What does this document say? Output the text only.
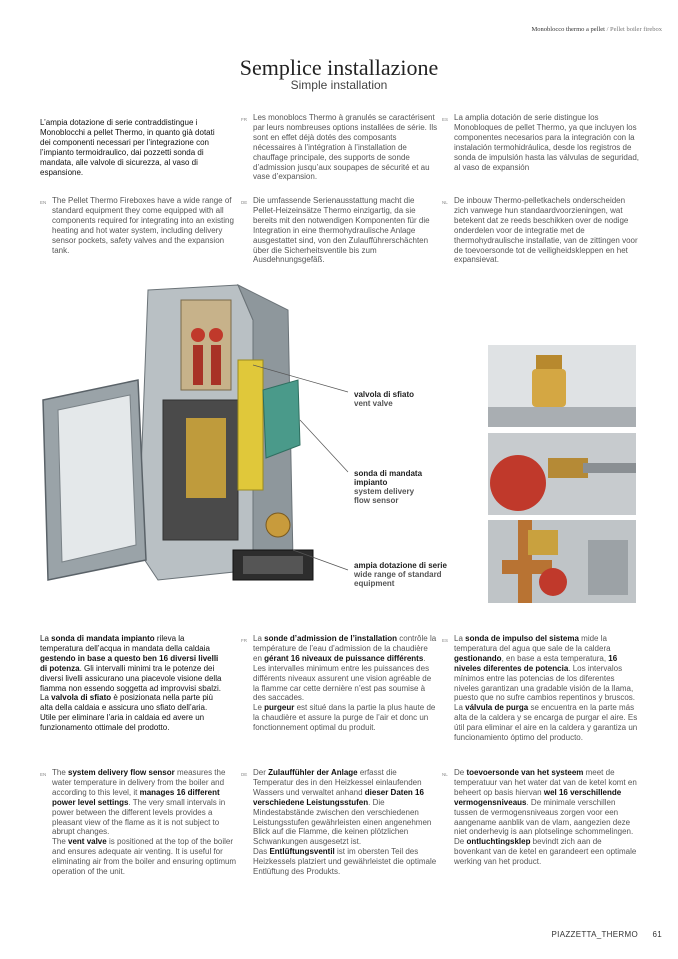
Monoblocco thermo a pellet / Pellet boiler firebox
Semplice installazione
Simple installation
L’ampia dotazione di serie contraddistingue i Monoblocchi a pellet Thermo, in quanto già dotati dei componenti necessari per l’integrazione con l’impianto termoidraulico, dai pozzetti sonda di mandata, alle valvole di sicurezza, al vaso di espansione.
FR Les monoblocs Thermo à granulés se caractérisent par leurs nombreuses options installées de série. Ils sont en effet déjà dotés des composants nécessaires à l’intégration à l’installation de chauffage principale, des supports de sonde d’admission jusqu’aux soupapes de sécurité et au vase d’expansion.
ES La amplia dotación de serie distingue los Monobloques de pellet Thermo, ya que incluyen los componentes necesarios para la integración con la instalación termohidráulica, desde los registros de sonda de impulsión hasta las válvulas de seguridad, al vaso de expansión
EN The Pellet Thermo Fireboxes have a wide range of standard equipment they come equipped with all components required for integrating into an existing heating and hot water system, including delivery sensor pockets, safety valves and the expansion tank.
DE Die umfassende Serienausstattung macht die Pellet-Heizeinsätze Thermo einzigartig, da sie bereits mit den notwendigen Komponenten für die Integration in eine thermohydraulische Anlage ausgestattet sind, von den Zulaufführerschächten über die Sicherheitsventile bis zum Ausdehnungsgefäß.
NL De inbouw Thermo-pelletkachels onderscheiden zich vanwege hun standaardvoorzieningen, wat betekent dat ze reeds beschikken over de nodige onderdelen voor de integratie met de thermohydraulische installatie, van de zittingen voor de toevoersonde tot de veiligheidskleppen en het expansievat.
valvola di sfiato
vent valve
sonda di mandata
impianto
system delivery
flow sensor
ampia dotazione di serie
wide range of standard
equipment
La sonda di mandata impianto rileva la temperatura dell’acqua in mandata della caldaia gestendo in base a questo ben 16 diversi livelli di potenza. Gli intervalli minimi tra le potenze dei diversi livelli assicurano una piacevole visione della fiamma non essendo soggetta ad improvvisi sbalzi.
La valvola di sfiato è posizionata nella parte più alta della caldaia e assicura uno sfiato dell’aria. Utile per eliminare l’aria in caldaia ed avere un funzionamento ottimale del prodotto.
FR La sonde d’admission de l’installation contrôle la température de l’eau d’admission de la chaudière en gérant 16 niveaux de puissance différents. Les intervalles minimum entre les puissances des différents niveaux assurent une vision agréable de la flamme car cette dernière n’est pas soumise à des saccades.
Le purgeur est situé dans la partie la plus haute de la chaudière et assure la purge de l’air et donc un fonctionnement optimal du produit.
ES La sonda de impulso del sistema mide la temperatura del agua que sale de la caldera gestionando, en base a esta temperatura, 16 niveles diferentes de potencia. Los intervalos mínimos entre las potencias de los diferentes niveles garantizan una gradable visión de la llama, puesto que no sufre cambios repentinos y bruscos. La válvula de purga se encuentra en la parte más alta de la caldera y se encarga de purgar el aire. Es útil para eliminar el aire en la caldera y garantiza un funcionamiento óptimo del producto.
EN The system delivery flow sensor measures the water temperature in delivery from the boiler and according to this level, it manages 16 different power level settings. The very small intervals in power between the different levels provides a pleasant view of the flame as it is not subject to abrupt changes.
The vent valve is positioned at the top of the boiler and ensures adequate air venting. It is useful for eliminating air from the boiler and ensuring optimum operation of the unit.
DE Der Zulauffühler der Anlage erfasst die Temperatur des in den Heizkessel einlaufenden Wassers und verwaltet anhand dieser Daten 16 verschiedene Leistungsstufen. Die Mindestabstände zwischen den verschiedenen Leistungsstufen gewährleisten einen angenehmen Blick auf die Flamme, die keinen plötzlichen Schwankungen ausgesetzt ist.
Das Entlüftungsventil ist im obersten Teil des Heizkessels platziert und gewährleistet die optimale Entlüftung des Produkts.
NL De toevoersonde van het systeem meet de temperatuur van het water dat van de ketel komt en beheert op basis hiervan wel 16 verschillende vermogensniveaus. De minimale verschillen tussen de vermogensniveaus zorgen voor een aangename aanblik van de vlam, aangezien deze niet onderhevig is aan plotselinge schommelingen. De ontluchtingsklep bevindt zich aan de bovenkant van de ketel en garandeert een optimale werking van het product.
PIAZZETTA_THERMO 61
